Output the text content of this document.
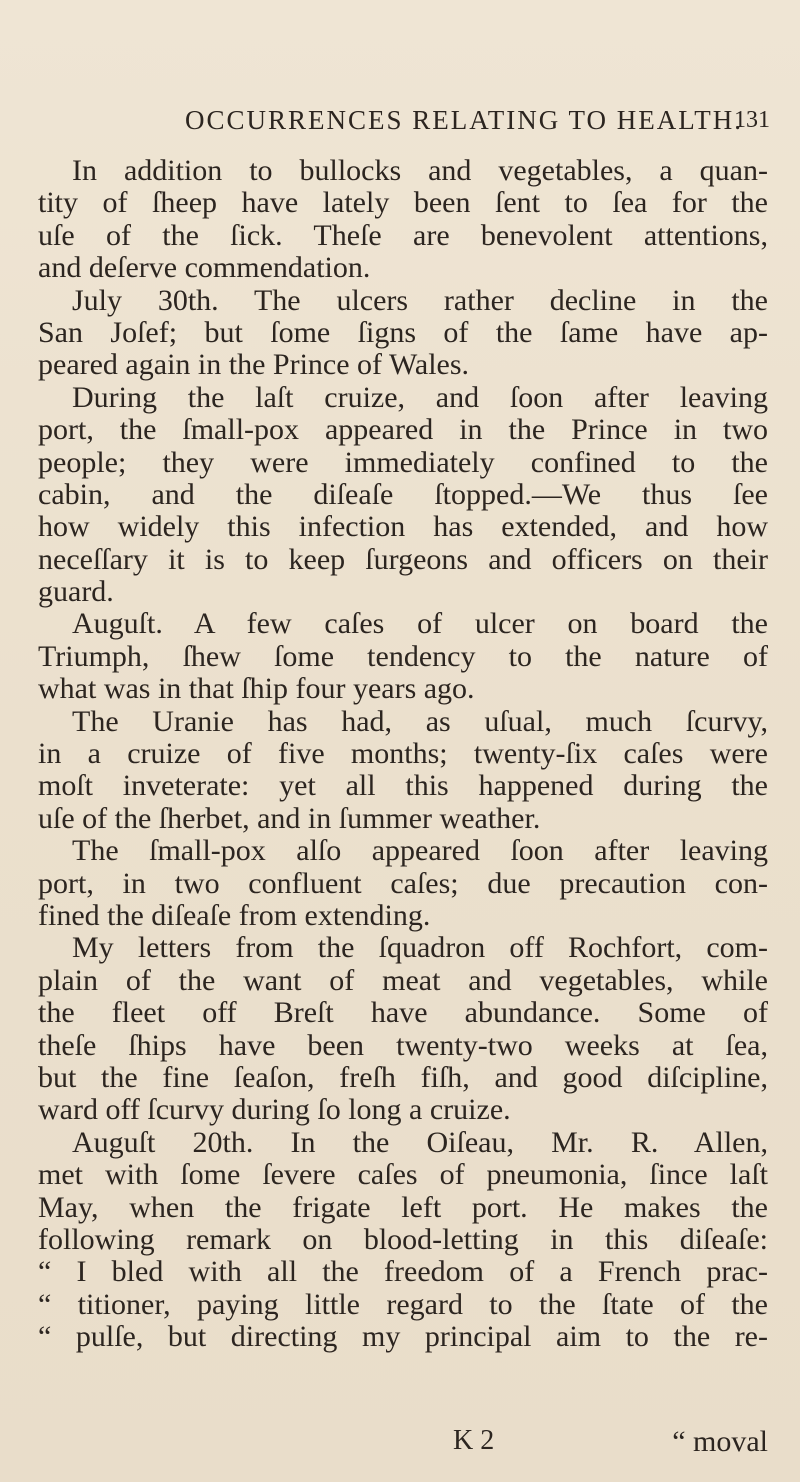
OCCURRENCES RELATING TO HEALTH.
131
In addition to bullocks and vegetables, a quan-
tity of ſheep have lately been ſent to ſea for the
uſe of the ſick. Theſe are benevolent attentions,
and deſerve commendation.
July 30th. The ulcers rather decline in the
San Joſef; but ſome ſigns of the ſame have ap-
peared again in the Prince of Wales.
During the laſt cruize, and ſoon after leaving
port, the ſmall-pox appeared in the Prince in two
people; they were immediately confined to the
cabin, and the diſeaſe ſtopped.—We thus ſee
how widely this infection has extended, and how
neceſſary it is to keep ſurgeons and officers on their
guard.
Auguſt. A few caſes of ulcer on board the
Triumph, ſhew ſome tendency to the nature of
what was in that ſhip four years ago.
The Uranie has had, as uſual, much ſcurvy,
in a cruize of five months; twenty-ſix caſes were
moſt inveterate: yet all this happened during the
uſe of the ſherbet, and in ſummer weather.
The ſmall-pox alſo appeared ſoon after leaving
port, in two confluent caſes; due precaution con-
fined the diſeaſe from extending.
My letters from the ſquadron off Rochfort, com-
plain of the want of meat and vegetables, while
the fleet off Breſt have abundance. Some of
theſe ſhips have been twenty-two weeks at ſea,
but the fine ſeaſon, freſh fiſh, and good diſcipline,
ward off ſcurvy during ſo long a cruize.
Auguſt 20th. In the Oiſeau, Mr. R. Allen,
met with ſome ſevere caſes of pneumonia, ſince laſt
May, when the frigate left port. He makes the
following remark on blood-letting in this diſeaſe:
“ I bled with all the freedom of a French prac-
“ titioner, paying little regard to the ſtate of the
“ pulſe, but directing my principal aim to the re-
K 2	“ moval
